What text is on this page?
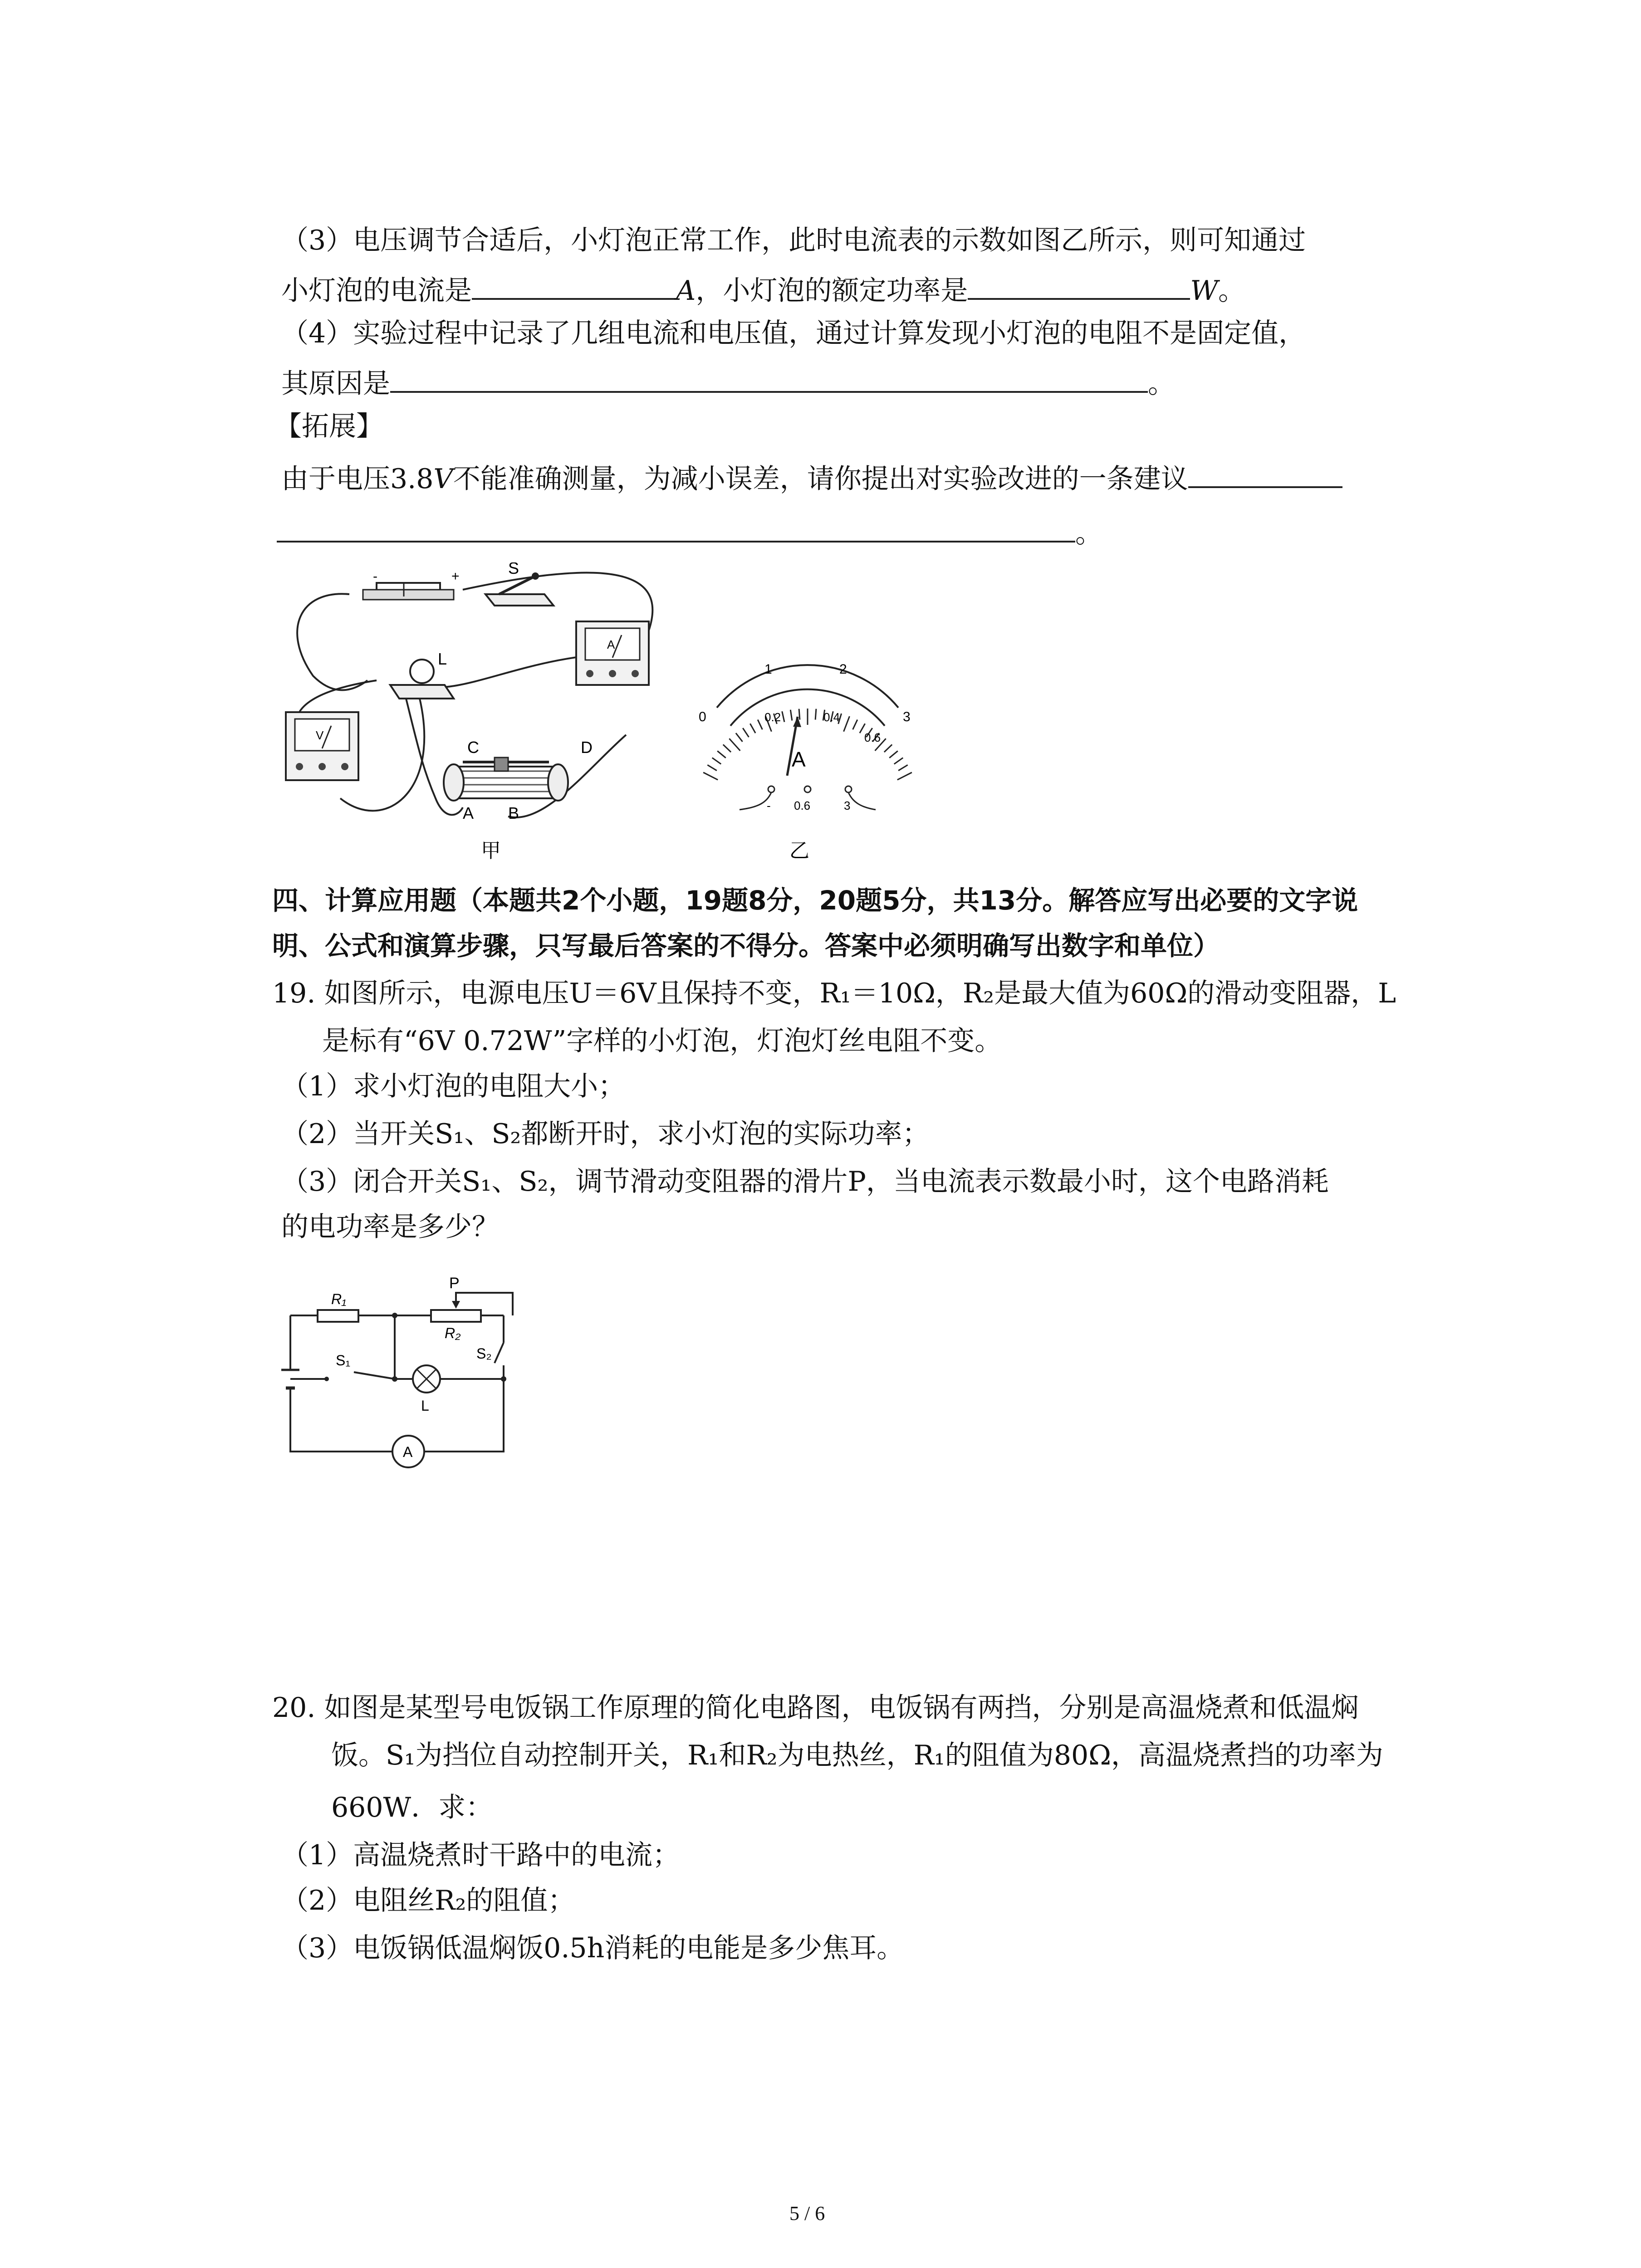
（3）电压调节合适后，小灯泡正常工作，此时电流表的示数如图乙所示，则可知通过
小灯泡的电流是	A，小灯泡的额定功率是	W。
（4）实验过程中记录了几组电流和电压值，通过计算发现小灯泡的电阻不是固定值，
其原因是	。
【拓展】
由于电压3.8V不能准确测量，为减小误差，请你提出对实验改进的一条建议
。
-	+	S
A
L
V
C	D
A B
甲
0
1	2
3
0.2	0.4
0.6
A
- 0.6	3
乙
四、计算应用题（本题共2个小题，19题8分，20题5分，共13分。解答应写出必要的文字说
明、公式和演算步骤，只写最后答案的不得分。答案中必须明确写出数字和单位）
19. 如图所示，电源电压U＝6V且保持不变，R₁＝10Ω，R₂是最大值为60Ω的滑动变阻器，L
是标有“6V 0.72W”字样的小灯泡，灯泡灯丝电阻不变。
（1）求小灯泡的电阻大小；
（2）当开关S₁、S₂都断开时，求小灯泡的实际功率；
（3）闭合开关S₁、S₂，调节滑动变阻器的滑片P，当电流表示数最小时，这个电路消耗
的电功率是多少？
R₁
P
R₂
S₁	S₂
L
A
20. 如图是某型号电饭锅工作原理的简化电路图，电饭锅有两挡，分别是高温烧煮和低温焖
饭。S₁为挡位自动控制开关，R₁和R₂为电热丝，R₁的阻值为80Ω，高温烧煮挡的功率为
660W．求：
（1）高温烧煮时干路中的电流；
（2）电阻丝R₂的阻值；
（3）电饭锅低温焖饭0.5h消耗的电能是多少焦耳。
5 / 6
